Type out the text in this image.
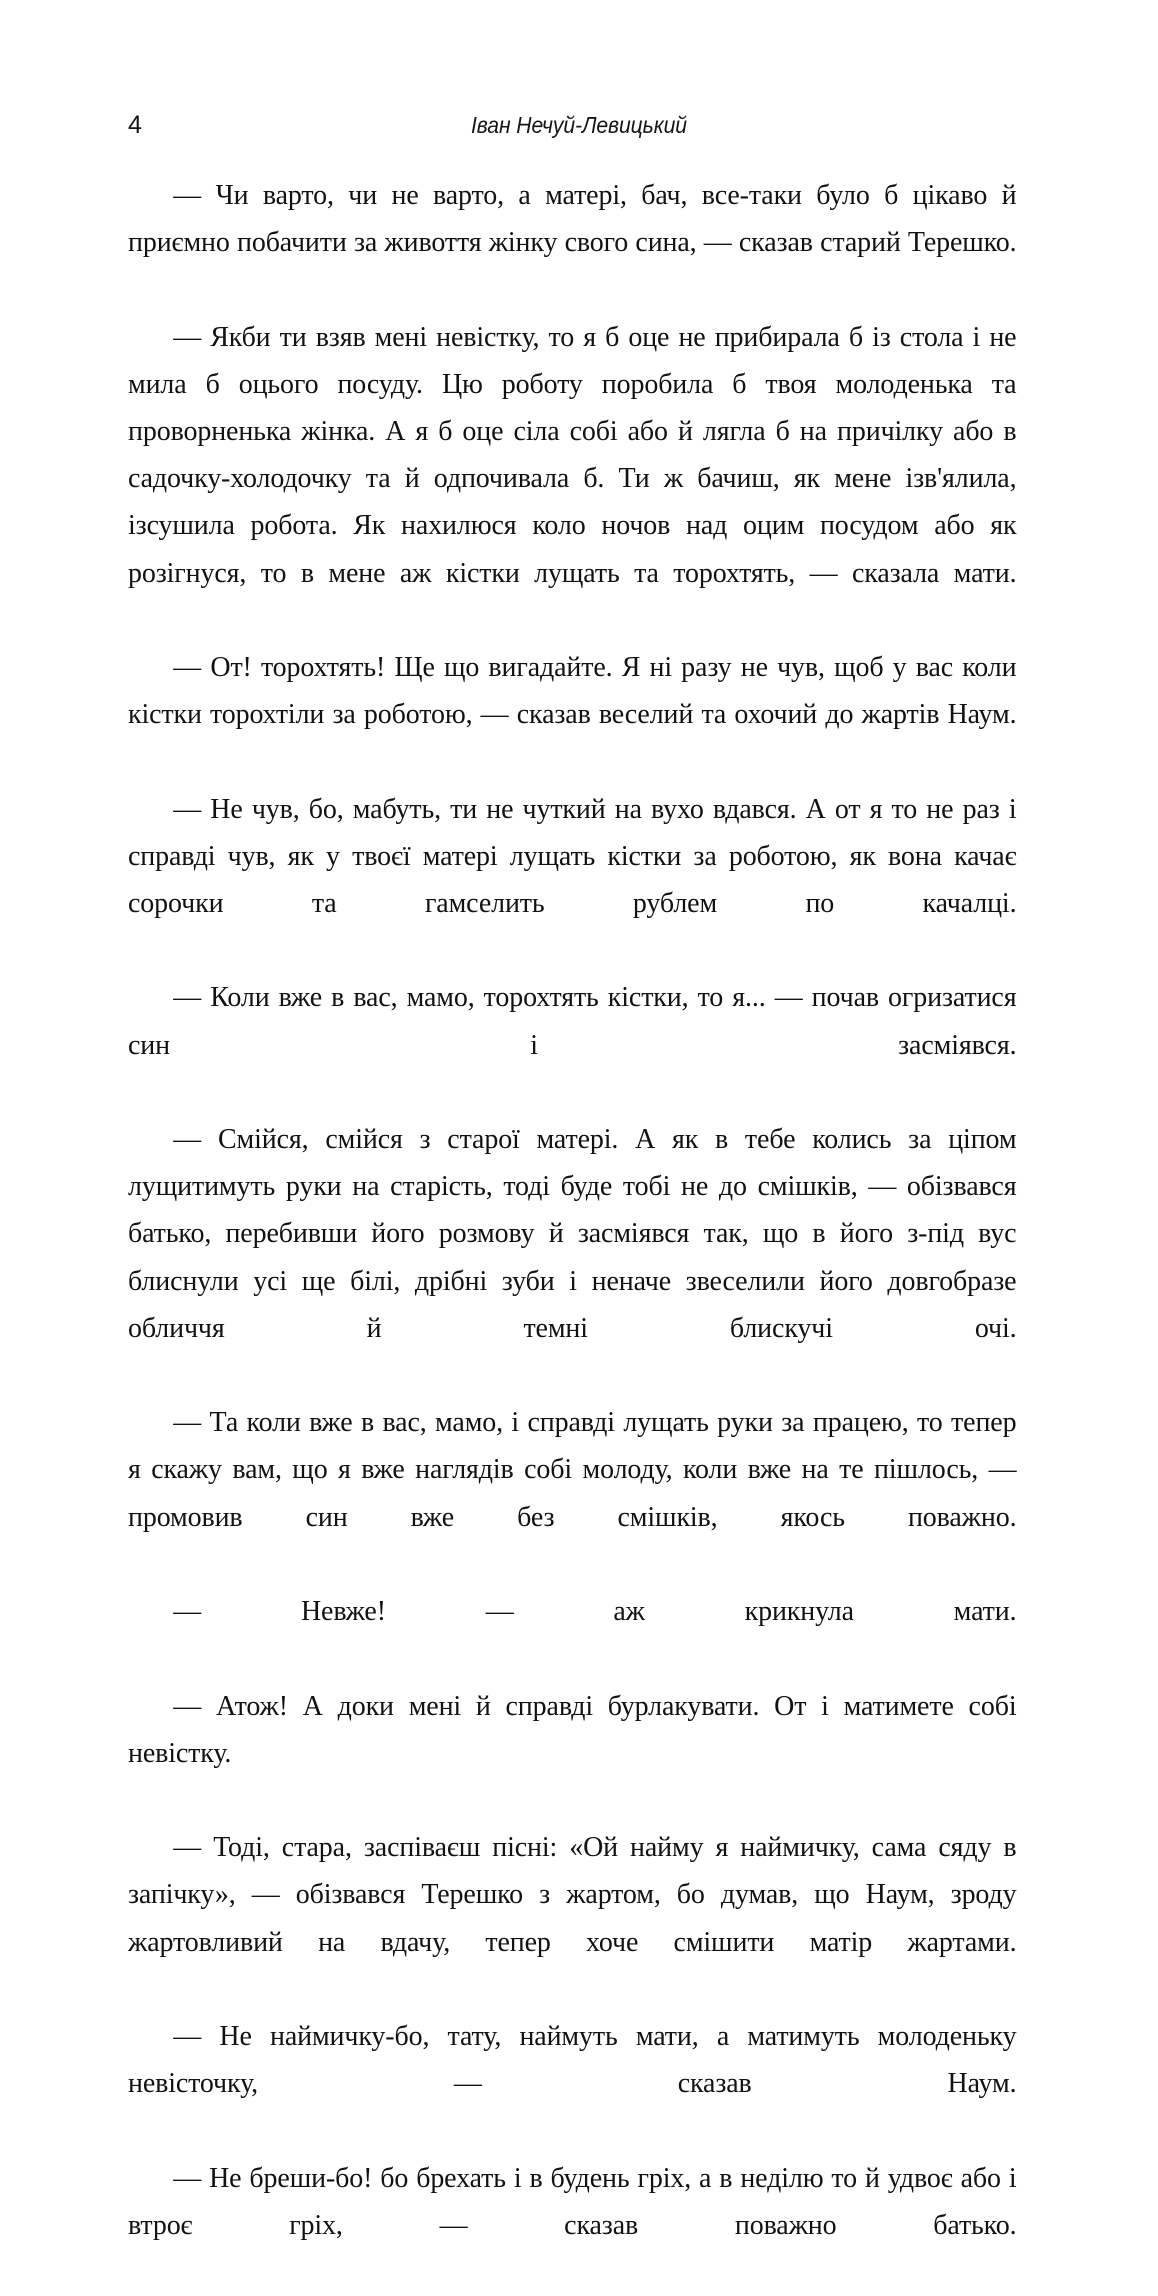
4	Іван Нечуй-Левицький

— Чи варто, чи не варто, а матері, бач, все-таки було б цікаво й приємно побачити за живоття жінку свого сина, — сказав старий Терешко.

— Якби ти взяв мені невістку, то я б оце не прибирала б із стола і не мила б оцього посуду. Цю роботу поробила б твоя молоденька та проворненька жінка. А я б оце сіла собі або й лягла б на причілку або в садочку-холодочку та й одпочивала б. Ти ж бачиш, як мене ізв'ялила, ізсушила робота. Як нахилюся коло ночов над оцим посудом або як розігнуся, то в мене аж кістки лущать та торохтять, — сказала мати.

— От! торохтять! Ще що вигадайте. Я ні разу не чув, щоб у вас коли кістки торохтіли за роботою, — сказав веселий та охочий до жартів Наум.

— Не чув, бо, мабуть, ти не чуткий на вухо вдався. А от я то не раз і справді чув, як у твоєї матері лущать кістки за роботою, як вона качає сорочки та гамселить рублем по качалці.

— Коли вже в вас, мамо, торохтять кістки, то я... — почав огризатися син і засміявся.

— Смійся, смійся з старої матері. А як в тебе колись за ціпом лущитимуть руки на старість, тоді буде тобі не до смішків, — обізвався батько, перебивши його розмову й засміявся так, що в його з-під вус блиснули усі ще білі, дрібні зуби і неначе звеселили його довгобразе обличчя й темні блискучі очі.

— Та коли вже в вас, мамо, і справді лущать руки за працею, то тепер я скажу вам, що я вже наглядів собі молоду, коли вже на те пішлось, — промовив син вже без смішків, якось поважно.

— Невже! — аж крикнула мати.

— Атож! А доки мені й справді бурлакувати. От і матимете собі невістку.

— Тоді, стара, заспіваєш пісні: «Ой найму я наймичку, сама сяду в запічку», — обізвався Терешко з жартом, бо думав, що Наум, зроду жартовливий на вдачу, тепер хоче смішити матір жартами.

— Не наймичку-бо, тату, наймуть мати, а матимуть молоденьку невісточку, — сказав Наум.

— Не бреши-бо! бо брехать і в будень гріх, а в неділю то й удвоє або і втроє гріх, — сказав поважно батько.
